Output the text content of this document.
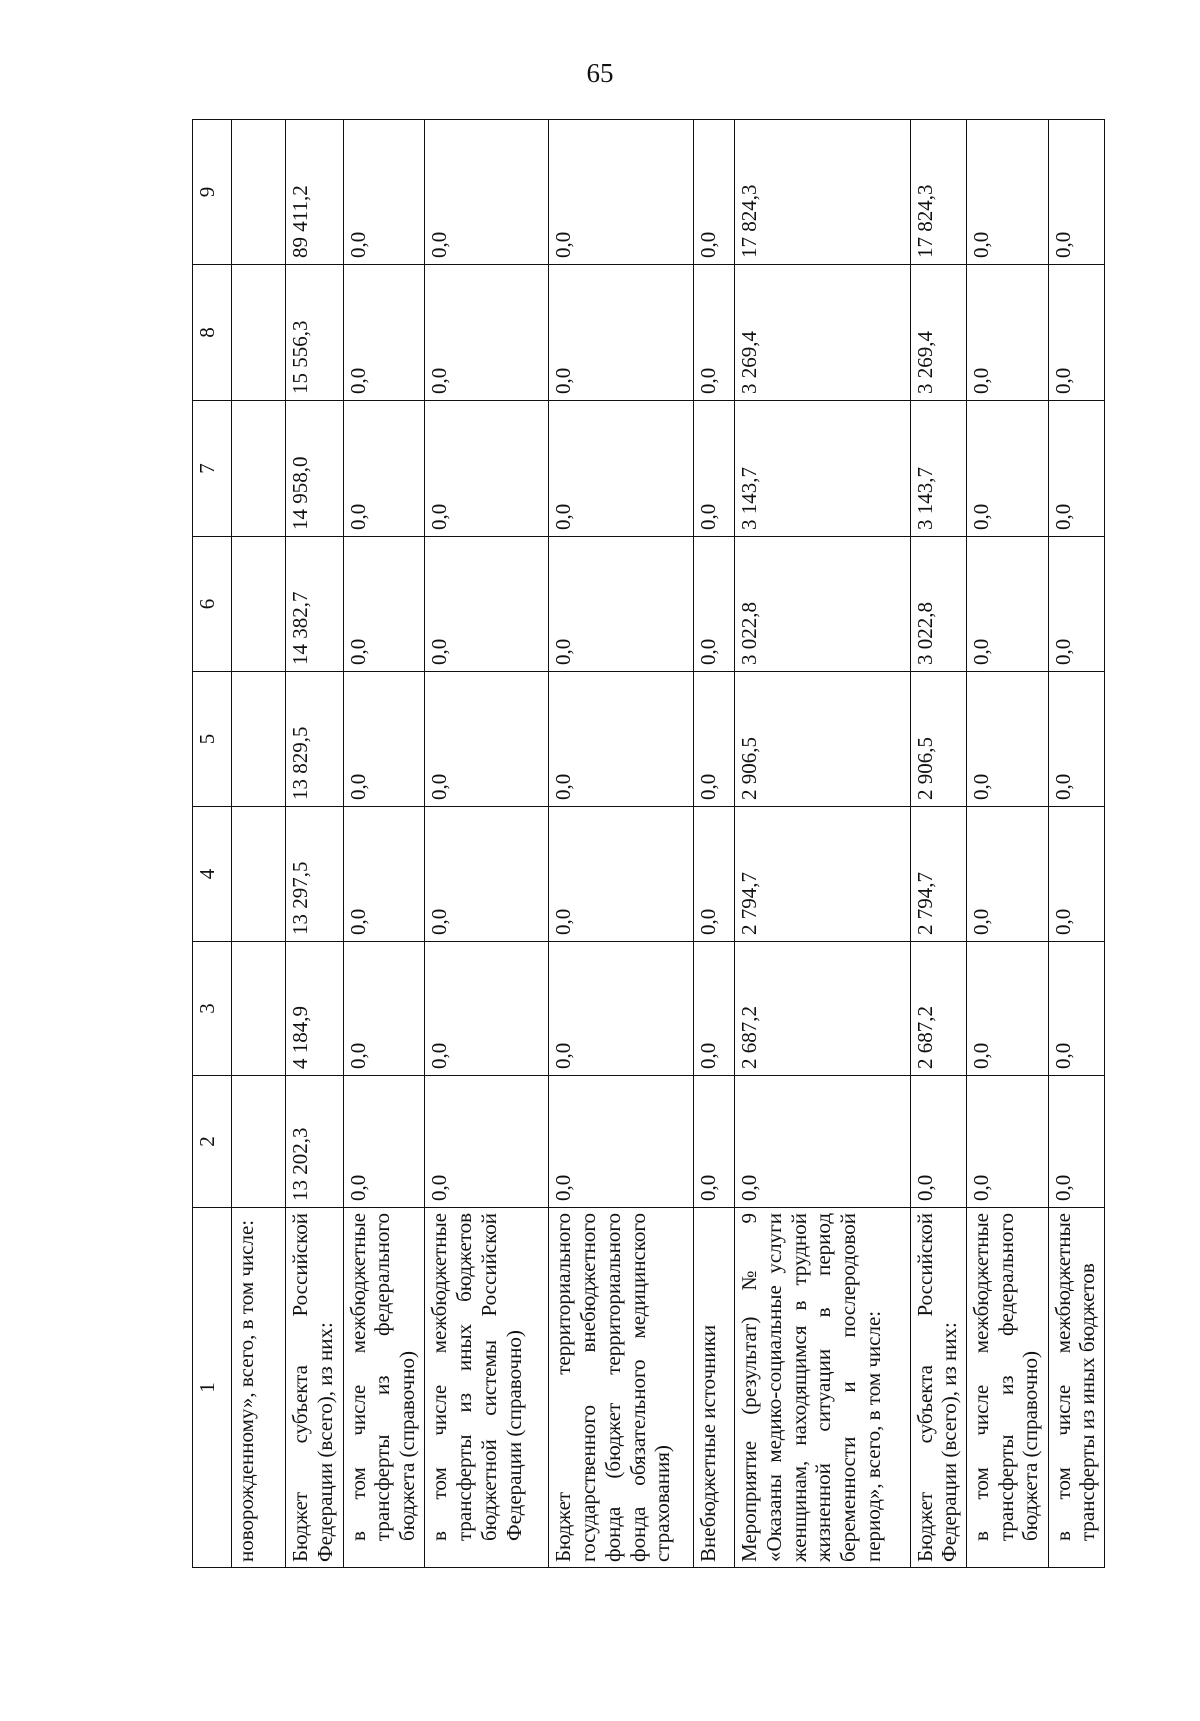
65
1	2	3	4	5	6	7	8	9
новорожденному», всего, в том числе:								
Бюджет субъекта Российской Федерации (всего), из них:	13 202,3	4 184,9	13 297,5	13 829,5	14 382,7	14 958,0	15 556,3	89 411,2
в том числе межбюджетные трансферты из федерального бюджета (справочно)	0,0	0,0	0,0	0,0	0,0	0,0	0,0	0,0
в том числе межбюджетные трансферты из иных бюджетов бюджетной системы Российской Федерации (справочно)	0,0	0,0	0,0	0,0	0,0	0,0	0,0	0,0
Бюджет территориального государственного внебюджетного фонда (бюджет территориального фонда обязательного медицинского страхования)	0,0	0,0	0,0	0,0	0,0	0,0	0,0	0,0
Внебюджетные источники	0,0	0,0	0,0	0,0	0,0	0,0	0,0	0,0
Мероприятие (результат) № 9 «Оказаны медико-социальные услуги женщинам, находящимся в трудной жизненной ситуации в период беременности и послеродовой период», всего, в том числе:	0,0	2 687,2	2 794,7	2 906,5	3 022,8	3 143,7	3 269,4	17 824,3
Бюджет субъекта Российской Федерации (всего), из них:	0,0	2 687,2	2 794,7	2 906,5	3 022,8	3 143,7	3 269,4	17 824,3
в том числе межбюджетные трансферты из федерального бюджета (справочно)	0,0	0,0	0,0	0,0	0,0	0,0	0,0	0,0
в том числе межбюджетные трансферты из иных бюджетов	0,0	0,0	0,0	0,0	0,0	0,0	0,0	0,0
